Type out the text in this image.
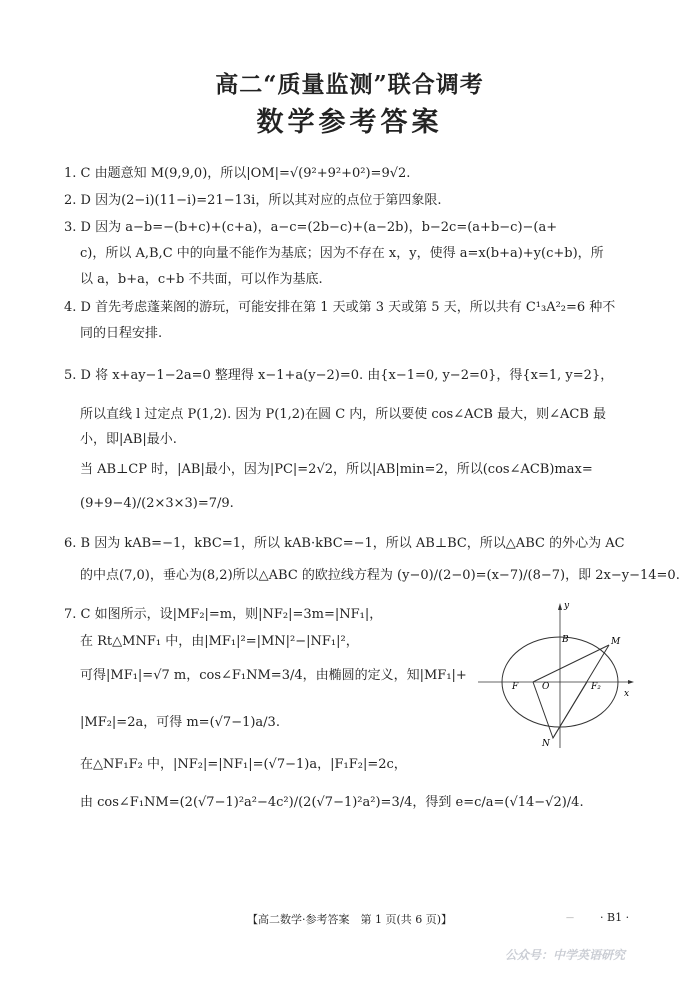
高二“质量监测”联合调考
数学参考答案
1. C 由题意知 M(9,9,0)，所以|OM|=√(9²+9²+0²)=9√2.
2. D 因为(2−i)(11−i)=21−13i，所以其对应的点位于第四象限.
3. D 因为 a−b=−(b+c)+(c+a)，a−c=(2b−c)+(a−2b)，b−2c=(a+b−c)−(a+
c)，所以 A,B,C 中的向量不能作为基底；因为不存在 x，y，使得 a=x(b+a)+y(c+b)，所
以 a，b+a，c+b 不共面，可以作为基底.
4. D 首先考虑蓬莱阁的游玩，可能安排在第 1 天或第 3 天或第 5 天，所以共有 C¹₃A²₂=6 种不
同的日程安排.
5. D 将 x+ay−1−2a=0 整理得 x−1+a(y−2)=0. 由{x−1=0, y−2=0}，得{x=1, y=2}，
所以直线 l 过定点 P(1,2). 因为 P(1,2)在圆 C 内，所以要使 cos∠ACB 最大，则∠ACB 最
小，即|AB|最小.
当 AB⊥CP 时，|AB|最小，因为|PC|=2√2，所以|AB|min=2，所以(cos∠ACB)max=
(9+9−4)/(2×3×3)=7/9.
6. B 因为 kAB=−1，kBC=1，所以 kAB·kBC=−1，所以 AB⊥BC，所以△ABC 的外心为 AC
的中点(7,0)，垂心为(8,2)所以△ABC 的欧拉线方程为 (y−0)/(2−0)=(x−7)/(8−7)，即 2x−y−14=0.
7. C 如图所示，设|MF₂|=m，则|NF₂|=3m=|NF₁|，
在 Rt△MNF₁ 中，由|MF₁|²=|MN|²−|NF₁|²，
可得|MF₁|=√7 m，cos∠F₁NM=3/4，由椭圆的定义，知|MF₁|+
|MF₂|=2a，可得 m=(√7−1)a/3.
在△NF₁F₂ 中，|NF₂|=|NF₁|=(√7−1)a，|F₁F₂|=2c，
由 cos∠F₁NM=(2(√7−1)²a²−4c²)/(2(√7−1)²a²)=3/4，得到 e=c/a=(√14−√2)/4.
y
x
B	M
F	O	F₂
N
【高二数学·参考答案　第 1 页(共 6 页)】	— · B1 ·
公众号：中学英语研究
